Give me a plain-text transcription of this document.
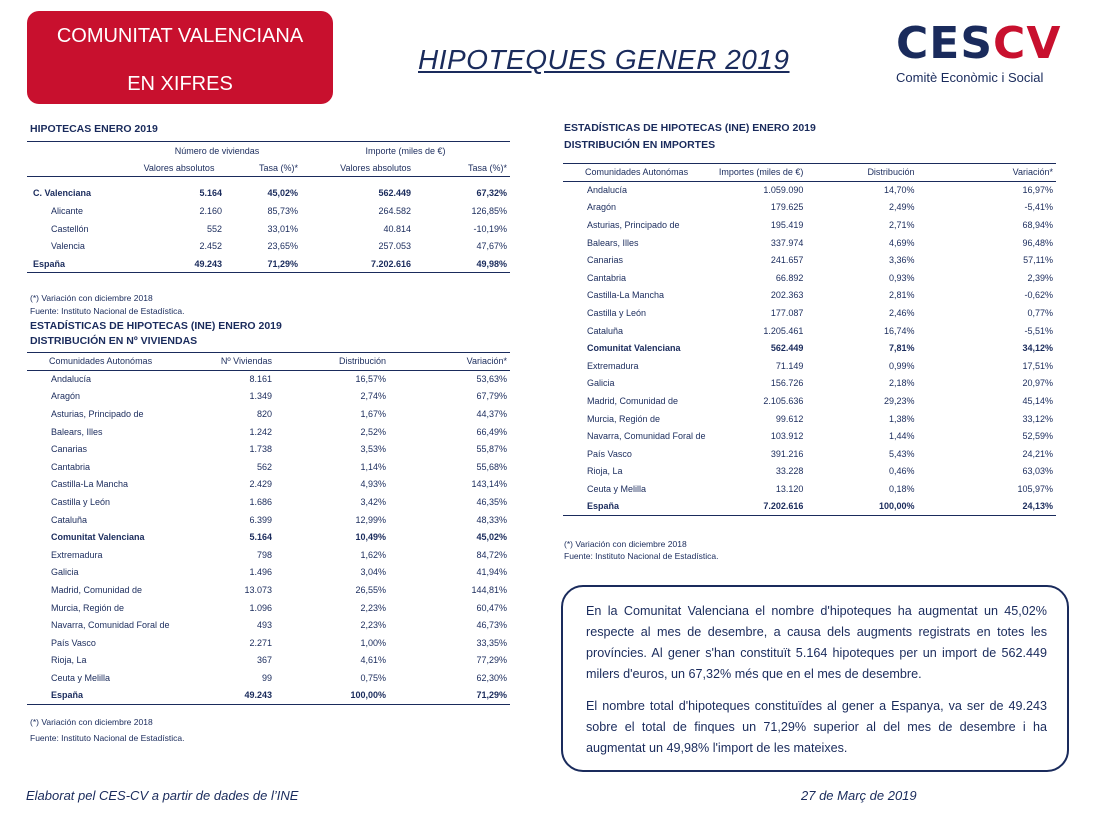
COMUNITAT VALENCIANA
EN XIFRES
HIPOTEQUES GENER 2019 CESCV
Comitè Econòmic i Social
HIPOTECAS ENERO 2019
	Número de viviendas		Importe (miles de €)	
	Valores absolutos	Tasa (%)*	Valores absolutos	Tasa (%)*

C. Valenciana	5.164	45,02%	562.449	67,32%
Alicante	2.160	85,73%	264.582	126,85%
Castellón	552	33,01%	40.814	-10,19%
Valencia	2.452	23,65%	257.053	47,67%
España	49.243	71,29%	7.202.616	49,98%
(*) Variación con diciembre 2018
Fuente: Instituto Nacional de Estadística.
ESTADÍSTICAS DE HIPOTECAS (INE) ENERO 2019
DISTRIBUCIÓN EN Nº VIVIENDAS
Comunidades Autonómas	Nº Viviendas	Distribución	Variación*
Andalucía	8.161	16,57%	53,63%
Aragón	1.349	2,74%	67,79%
Asturias, Principado de	820	1,67%	44,37%
Balears, Illes	1.242	2,52%	66,49%
Canarias	1.738	3,53%	55,87%
Cantabria	562	1,14%	55,68%
Castilla-La Mancha	2.429	4,93%	143,14%
Castilla y León	1.686	3,42%	46,35%
Cataluña	6.399	12,99%	48,33%
Comunitat Valenciana	5.164	10,49%	45,02%
Extremadura	798	1,62%	84,72%
Galicia	1.496	3,04%	41,94%
Madrid, Comunidad de	13.073	26,55%	144,81%
Murcia, Región de	1.096	2,23%	60,47%
Navarra, Comunidad Foral de	493	2,23%	46,73%
País Vasco	2.271	1,00%	33,35%
Rioja, La	367	4,61%	77,29%
Ceuta y Melilla	99	0,75%	62,30%
España	49.243	100,00%	71,29%
(*) Variación con diciembre 2018
Fuente: Instituto Nacional de Estadística.
ESTADÍSTICAS DE HIPOTECAS (INE) ENERO 2019
DISTRIBUCIÓN EN IMPORTES
Comunidades Autonómas	Importes (miles de €)	Distribución	Variación*
Andalucía	1.059.090	14,70%	16,97%
Aragón	179.625	2,49%	-5,41%
Asturias, Principado de	195.419	2,71%	68,94%
Balears, Illes	337.974	4,69%	96,48%
Canarias	241.657	3,36%	57,11%
Cantabria	66.892	0,93%	2,39%
Castilla-La Mancha	202.363	2,81%	-0,62%
Castilla y León	177.087	2,46%	0,77%
Cataluña	1.205.461	16,74%	-5,51%
Comunitat Valenciana	562.449	7,81%	34,12%
Extremadura	71.149	0,99%	17,51%
Galicia	156.726	2,18%	20,97%
Madrid, Comunidad de	2.105.636	29,23%	45,14%
Murcia, Región de	99.612	1,38%	33,12%
Navarra, Comunidad Foral de	103.912	1,44%	52,59%
País Vasco	391.216	5,43%	24,21%
Rioja, La	33.228	0,46%	63,03%
Ceuta y Melilla	13.120	0,18%	105,97%
España	7.202.616	100,00%	24,13%
(*) Variación con diciembre 2018
Fuente: Instituto Nacional de Estadística.

En la Comunitat Valenciana el nombre d'hipoteques ha augmentat un 45,02% respecte al mes de desembre, a causa dels augments registrats en totes les províncies. Al gener s'han constituït 5.164 hipoteques per un import de 562.449 milers d'euros, un 67,32% més que en el mes de desembre.

El nombre total d'hipoteques constituïdes al gener a Espanya, va ser de 49.243 sobre el total de finques un 71,29% superior al del mes de desembre i ha augmentat un 49,98% l'import de les mateixes.

Elaborat pel CES-CV a partir de dades de l’INE	27 de Març de 2019
